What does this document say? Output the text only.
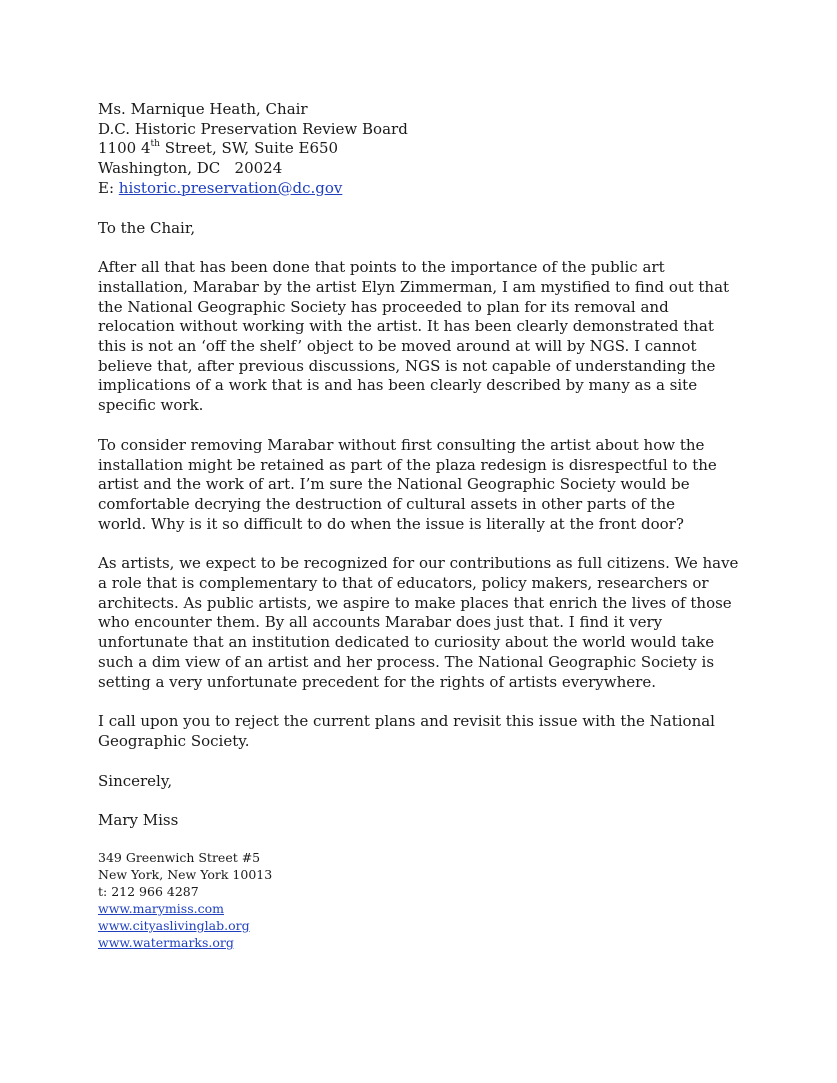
Ms. Marnique Heath, Chair
D.C. Historic Preservation Review Board
1100 4th Street, SW, Suite E650
Washington, DC   20024
E: historic.preservation@dc.gov
To the Chair,
After all that has been done that points to the importance of the public art
installation, Marabar by the artist Elyn Zimmerman, I am mystified to find out that
the National Geographic Society has proceeded to plan for its removal and
relocation without working with the artist. It has been clearly demonstrated that
this is not an ‘off the shelf’ object to be moved around at will by NGS. I cannot
believe that, after previous discussions, NGS is not capable of understanding the
implications of a work that is and has been clearly described by many as a site
specific work.
To consider removing Marabar without first consulting the artist about how the
installation might be retained as part of the plaza redesign is disrespectful to the
artist and the work of art. I’m sure the National Geographic Society would be
comfortable decrying the destruction of cultural assets in other parts of the
world. Why is it so difficult to do when the issue is literally at the front door?
As artists, we expect to be recognized for our contributions as full citizens. We have
a role that is complementary to that of educators, policy makers, researchers or
architects. As public artists, we aspire to make places that enrich the lives of those
who encounter them. By all accounts Marabar does just that. I find it very
unfortunate that an institution dedicated to curiosity about the world would take
such a dim view of an artist and her process. The National Geographic Society is
setting a very unfortunate precedent for the rights of artists everywhere.
I call upon you to reject the current plans and revisit this issue with the National
Geographic Society.
Sincerely,
Mary Miss
349 Greenwich Street #5
New York, New York 10013
t: 212 966 4287
www.marymiss.com
www.cityaslivinglab.org
www.watermarks.org
